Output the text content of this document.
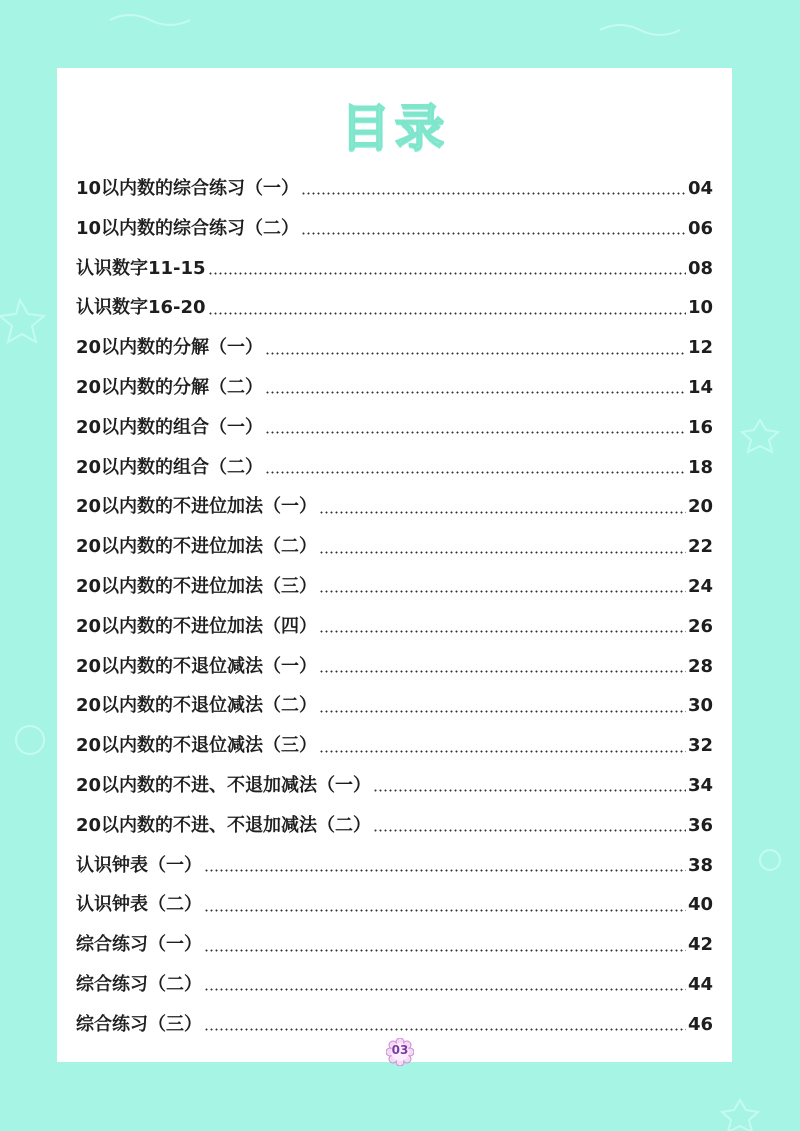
目录
10以内数的综合练习（一）	04
10以内数的综合练习（二）	06
认识数字11-15	08
认识数字16-20	10
20以内数的分解（一）	12
20以内数的分解（二）	14
20以内数的组合（一）	16
20以内数的组合（二）	18
20以内数的不进位加法（一）	20
20以内数的不进位加法（二）	22
20以内数的不进位加法（三）	24
20以内数的不进位加法（四）	26
20以内数的不退位减法（一）	28
20以内数的不退位减法（二）	30
20以内数的不退位减法（三）	32
20以内数的不进、不退加减法（一）	34
20以内数的不进、不退加减法（二）	36
认识钟表（一）	38
认识钟表（二）	40
综合练习（一）	42
综合练习（二）	44
综合练习（三）	46
03
